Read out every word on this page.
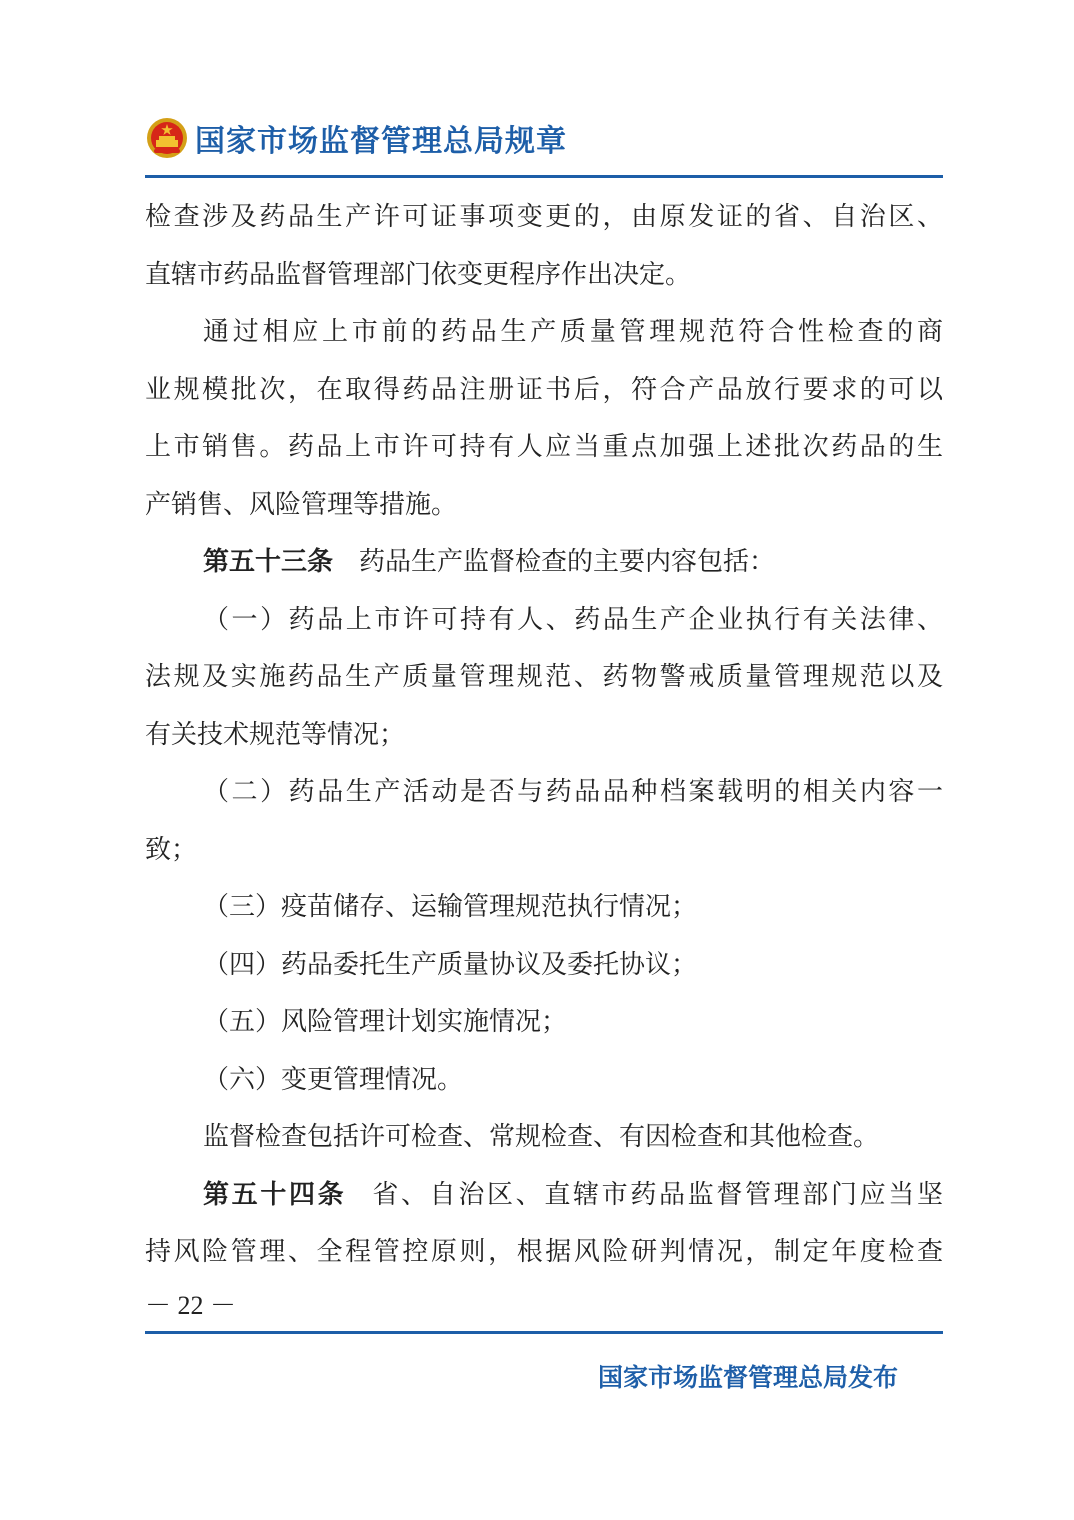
国家市场监督管理总局规章
检查涉及药品生产许可证事项变更的，由原发证的省、自治区、
直辖市药品监督管理部门依变更程序作出决定。
通过相应上市前的药品生产质量管理规范符合性检查的商
业规模批次，在取得药品注册证书后，符合产品放行要求的可以
上市销售。药品上市许可持有人应当重点加强上述批次药品的生
产销售、风险管理等措施。
第五十三条 药品生产监督检查的主要内容包括：
（一）药品上市许可持有人、药品生产企业执行有关法律、
法规及实施药品生产质量管理规范、药物警戒质量管理规范以及
有关技术规范等情况；
（二）药品生产活动是否与药品品种档案载明的相关内容一
致；
（三）疫苗储存、运输管理规范执行情况；
（四）药品委托生产质量协议及委托协议；
（五）风险管理计划实施情况；
（六）变更管理情况。
监督检查包括许可检查、常规检查、有因检查和其他检查。
第五十四条 省、自治区、直辖市药品监督管理部门应当坚
持风险管理、全程管控原则，根据风险研判情况，制定年度检查
－ 22 －
国家市场监督管理总局发布
